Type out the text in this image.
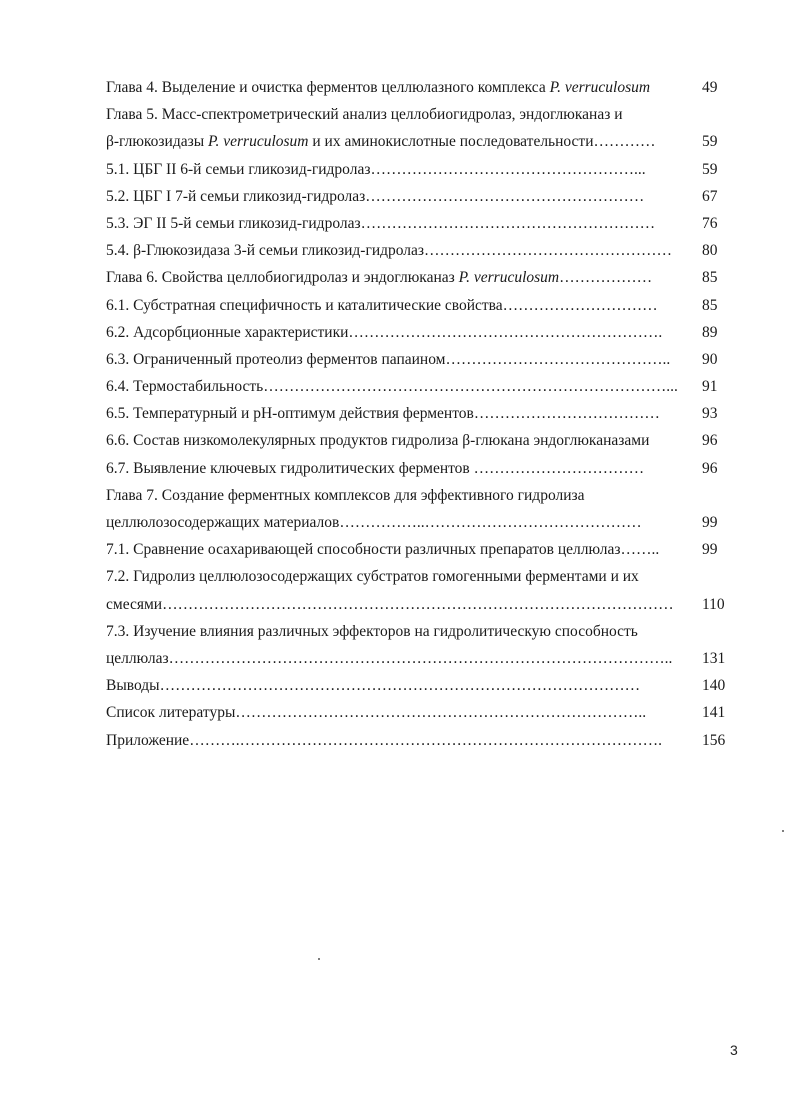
Глава 4. Выделение и очистка ферментов целлюлазного комплекса P. verruculosum	49
Глава 5. Масс-спектрометрический анализ целлобиогидролаз, эндоглюканаз и
β-глюкозидазы P. verruculosum и их аминокислотные последовательности…………	59
5.1. ЦБГ II 6-й семьи гликозид-гидролаз……………………………………………...	59
5.2. ЦБГ I 7-й семьи гликозид-гидролаз………………………………………………	67
5.3. ЭГ II 5-й семьи гликозид-гидролаз…………………………………………………	76
5.4. β-Глюкозидаза 3-й семьи гликозид-гидролаз………………………………………… 80
Глава 6. Свойства целлобиогидролаз и эндоглюканаз P. verruculosum………………	85
6.1. Субстратная специфичность и каталитические свойства…………………………	85
6.2. Адсорбционные характеристики…………………………………………………….	89
6.3. Ограниченный протеолиз ферментов папаином…………………………………….. 90
6.4. Термостабильность……………………………………………………………………... 91
6.5. Температурный и pH-оптимум действия ферментов………………………………	93
6.6. Состав низкомолекулярных продуктов гидролиза β-глюкана эндоглюканазами	96
6.7. Выявление ключевых гидролитических ферментов ……………………………	96
Глава 7. Создание ферментных комплексов для эффективного гидролиза
целлюлозосодержащих материалов……………..……………………………………	99
7.1. Сравнение осахаривающей способности различных препаратов целлюлаз……..	99
7.2. Гидролиз целлюлозосодержащих субстратов гомогенными ферментами и их
смесями……………………………………………………………………………………… 110
7.3. Изучение влияния различных эффекторов на гидролитическую способность
целлюлаз…………………………………………………………………………………….. 131
Выводы…………………………………………………………………………………	140
Список литературы……………………………………………………………………..	141
Приложение……….……………………………………………………………………….	156
3
